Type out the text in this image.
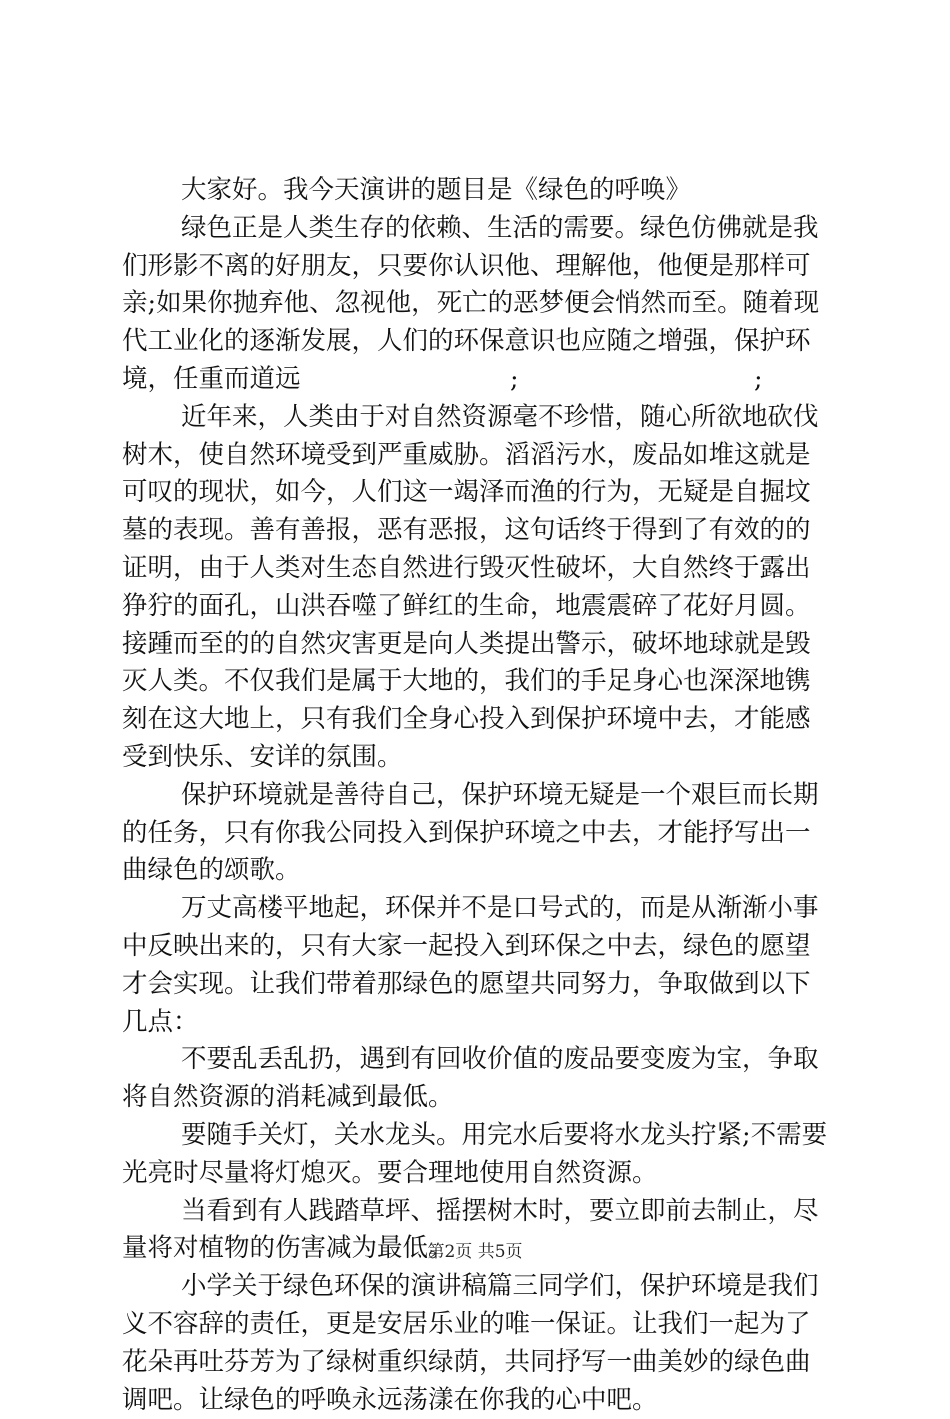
大家好。我今天演讲的题目是《绿色的呼唤》
绿色正是人类生存的依赖、生活的需要。绿色仿佛就是我
们形影不离的好朋友，只要你认识他、理解他，他便是那样可
亲;如果你抛弃他、忽视他，死亡的恶梦便会悄然而至。随着现
代工业化的逐渐发展，人们的环保意识也应随之增强，保护环
境，任重而道远	;	;
近年来，人类由于对自然资源毫不珍惜，随心所欲地砍伐
树木，使自然环境受到严重威胁。滔滔污水，废品如堆这就是
可叹的现状，如今，人们这一竭泽而渔的行为，无疑是自掘坟
墓的表现。善有善报，恶有恶报，这句话终于得到了有效的的
证明，由于人类对生态自然进行毁灭性破坏，大自然终于露出
狰狞的面孔，山洪吞噬了鲜红的生命，地震震碎了花好月圆。
接踵而至的的自然灾害更是向人类提出警示，破坏地球就是毁
灭人类。不仅我们是属于大地的，我们的手足身心也深深地镌
刻在这大地上，只有我们全身心投入到保护环境中去，才能感
受到快乐、安详的氛围。
保护环境就是善待自己，保护环境无疑是一个艰巨而长期
的任务，只有你我公同投入到保护环境之中去，才能抒写出一
曲绿色的颂歌。
万丈高楼平地起，环保并不是口号式的，而是从渐渐小事
中反映出来的，只有大家一起投入到环保之中去，绿色的愿望
才会实现。让我们带着那绿色的愿望共同努力，争取做到以下
几点：
不要乱丢乱扔，遇到有回收价值的废品要变废为宝，争取
将自然资源的消耗减到最低。
要随手关灯，关水龙头。用完水后要将水龙头拧紧;不需要
光亮时尽量将灯熄灭。要合理地使用自然资源。
当看到有人践踏草坪、摇摆树木时，要立即前去制止，尽
量将对植物的伤害减为最低。
小学关于绿色环保的演讲稿篇三同学们，保护环境是我们
义不容辞的责任，更是安居乐业的唯一保证。让我们一起为了
花朵再吐芬芳为了绿树重织绿荫，共同抒写一曲美妙的绿色曲
调吧。让绿色的呼唤永远荡漾在你我的心中吧。
第2页 共5页
